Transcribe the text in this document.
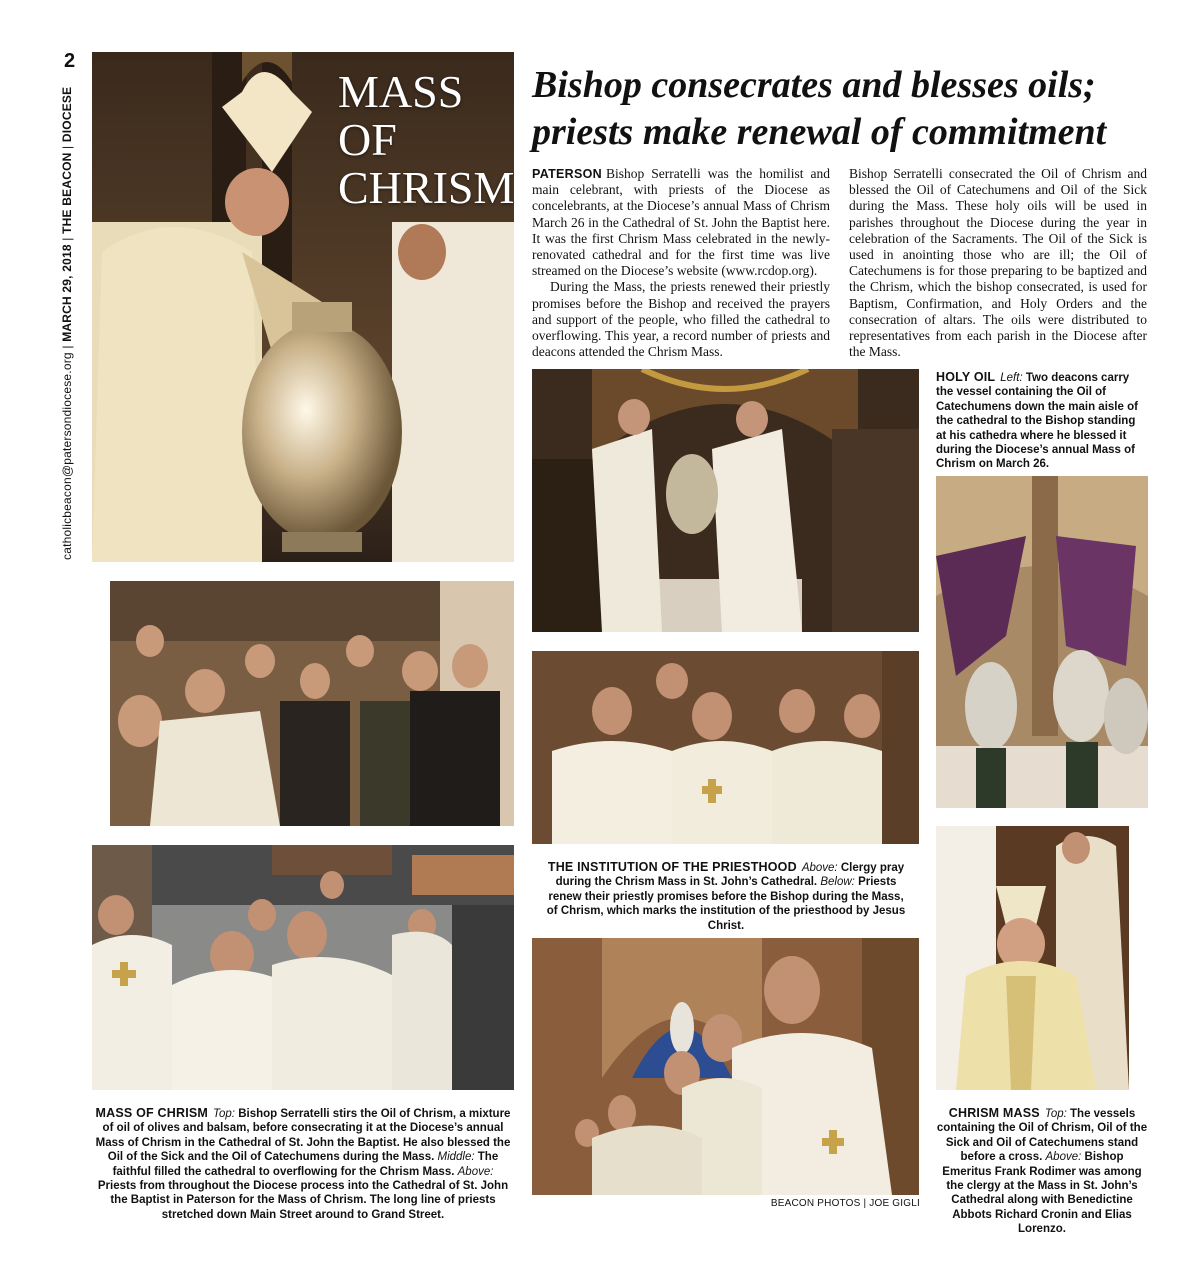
2
catholicbeacon@patersondiocese.org | MARCH 29, 2018 | THE BEACON | DIOCESE	MASS
OF
CHRISM
Bishop consecrates and blesses oils;
priests make renewal of commitment

PATERSON Bishop Serratelli was the homilist and main celebrant, with priests of the Diocese as concelebrants, at the Diocese’s annual Mass of Chrism March 26 in the Cathedral of St. John the Baptist here. It was the first Chrism Mass celebrated in the newly-renovated cathedral and for the first time was live streamed on the Diocese’s website (www.rcdop.org).

During the Mass, the priests renewed their priestly promises before the Bishop and received the prayers and support of the people, who filled the cathedral to overflowing. This year, a record number of priests and deacons attended the Chrism Mass.

Bishop Serratelli consecrated the Oil of Chrism and blessed the Oil of Catechumens and Oil of the Sick during the Mass. These holy oils will be used in parishes throughout the Diocese during the year in celebration of the Sacraments. The Oil of the Sick is used in anointing those who are ill; the Oil of Catechumens is for those preparing to be baptized and the Chrism, which the bishop consecrated, is used for Baptism, Confirmation, and Holy Orders and the consecration of altars. The oils were distributed to representatives from each parish in the Diocese after the Mass.

HOLY OIL Left: Two deacons carry the vessel containing the Oil of Catechumens down the main aisle of the cathedral to the Bishop standing at his cathedra where he blessed it during the Diocese’s annual Mass of Chrism on March 26.

THE INSTITUTION OF THE PRIESTHOOD Above: Clergy pray during the Chrism Mass in St. John’s Cathedral. Below: Priests renew their priestly promises before the Bishop during the Mass, of Chrism, which marks the institution of the priesthood by Jesus Christ.

MASS OF CHRISM Top: Bishop Serratelli stirs the Oil of Chrism, a mixture of oil of olives and balsam, before consecrating it at the Diocese’s annual Mass of Chrism in the Cathedral of St. John the Baptist. He also blessed the Oil of the Sick and the Oil of Catechumens during the Mass. Middle: The faithful filled the cathedral to overflowing for the Chrism Mass. Above: Priests from throughout the Diocese process into the Cathedral of St. John the Baptist in Paterson for the Mass of Chrism. The long line of priests stretched down Main Street around to Grand Street.

CHRISM MASS Top: The vessels containing the Oil of Chrism, Oil of the Sick and Oil of Catechumens stand before a cross. Above: Bishop Emeritus Frank Rodimer was among the clergy at the Mass in St. John’s Cathedral along with Benedictine Abbots Richard Cronin and Elias Lorenzo.

BEACON PHOTOS | JOE GIGLI
